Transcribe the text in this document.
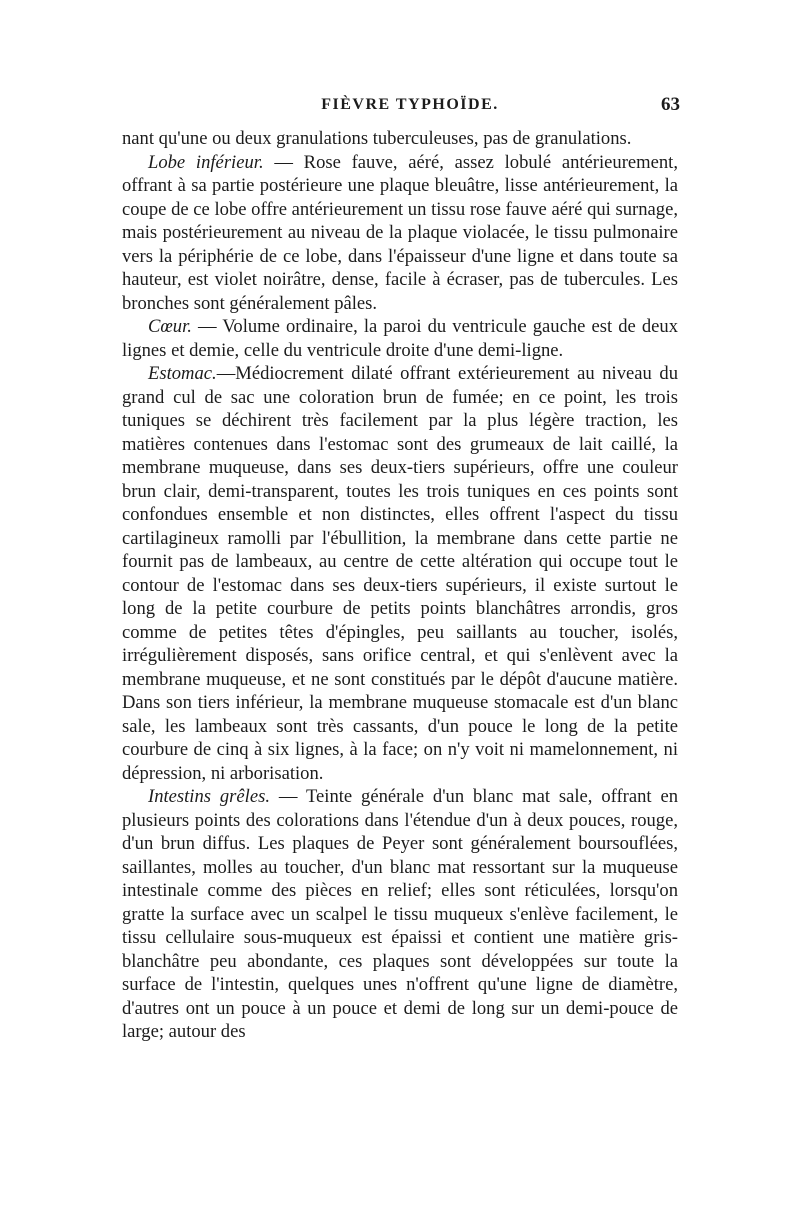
FIÈVRE TYPHOÏDE.	63

nant qu'une ou deux granulations tuberculeuses, pas de granulations.

Lobe inférieur. — Rose fauve, aéré, assez lobulé antérieurement, offrant à sa partie postérieure une plaque bleuâtre, lisse antérieurement, la coupe de ce lobe offre antérieurement un tissu rose fauve aéré qui surnage, mais postérieurement au niveau de la plaque violacée, le tissu pulmonaire vers la périphérie de ce lobe, dans l'épaisseur d'une ligne et dans toute sa hauteur, est violet noirâtre, dense, facile à écraser, pas de tubercules. Les bronches sont généralement pâles.

Cœur. — Volume ordinaire, la paroi du ventricule gauche est de deux lignes et demie, celle du ventricule droite d'une demi-ligne.

Estomac.—Médiocrement dilaté offrant extérieurement au niveau du grand cul de sac une coloration brun de fumée; en ce point, les trois tuniques se déchirent très facilement par la plus légère traction, les matières contenues dans l'estomac sont des grumeaux de lait caillé, la membrane muqueuse, dans ses deux-tiers supérieurs, offre une couleur brun clair, demi-transparent, toutes les trois tuniques en ces points sont confondues ensemble et non distinctes, elles offrent l'aspect du tissu cartilagineux ramolli par l'ébullition, la membrane dans cette partie ne fournit pas de lambeaux, au centre de cette altération qui occupe tout le contour de l'estomac dans ses deux-tiers supérieurs, il existe surtout le long de la petite courbure de petits points blanchâtres arrondis, gros comme de petites têtes d'épingles, peu saillants au toucher, isolés, irrégulièrement disposés, sans orifice central, et qui s'enlèvent avec la membrane muqueuse, et ne sont constitués par le dépôt d'aucune matière. Dans son tiers inférieur, la membrane muqueuse stomacale est d'un blanc sale, les lambeaux sont très cassants, d'un pouce le long de la petite courbure de cinq à six lignes, à la face; on n'y voit ni mamelonnement, ni dépression, ni arborisation.

Intestins grêles. — Teinte générale d'un blanc mat sale, offrant en plusieurs points des colorations dans l'étendue d'un à deux pouces, rouge, d'un brun diffus. Les plaques de Peyer sont généralement boursouflées, saillantes, molles au toucher, d'un blanc mat ressortant sur la muqueuse intestinale comme des pièces en relief; elles sont réticulées, lorsqu'on gratte la surface avec un scalpel le tissu muqueux s'enlève facilement, le tissu cellulaire sous-muqueux est épaissi et contient une matière gris-blanchâtre peu abondante, ces plaques sont développées sur toute la surface de l'intestin, quelques unes n'offrent qu'une ligne de diamètre, d'autres ont un pouce à un pouce et demi de long sur un demi-pouce de large; autour des
